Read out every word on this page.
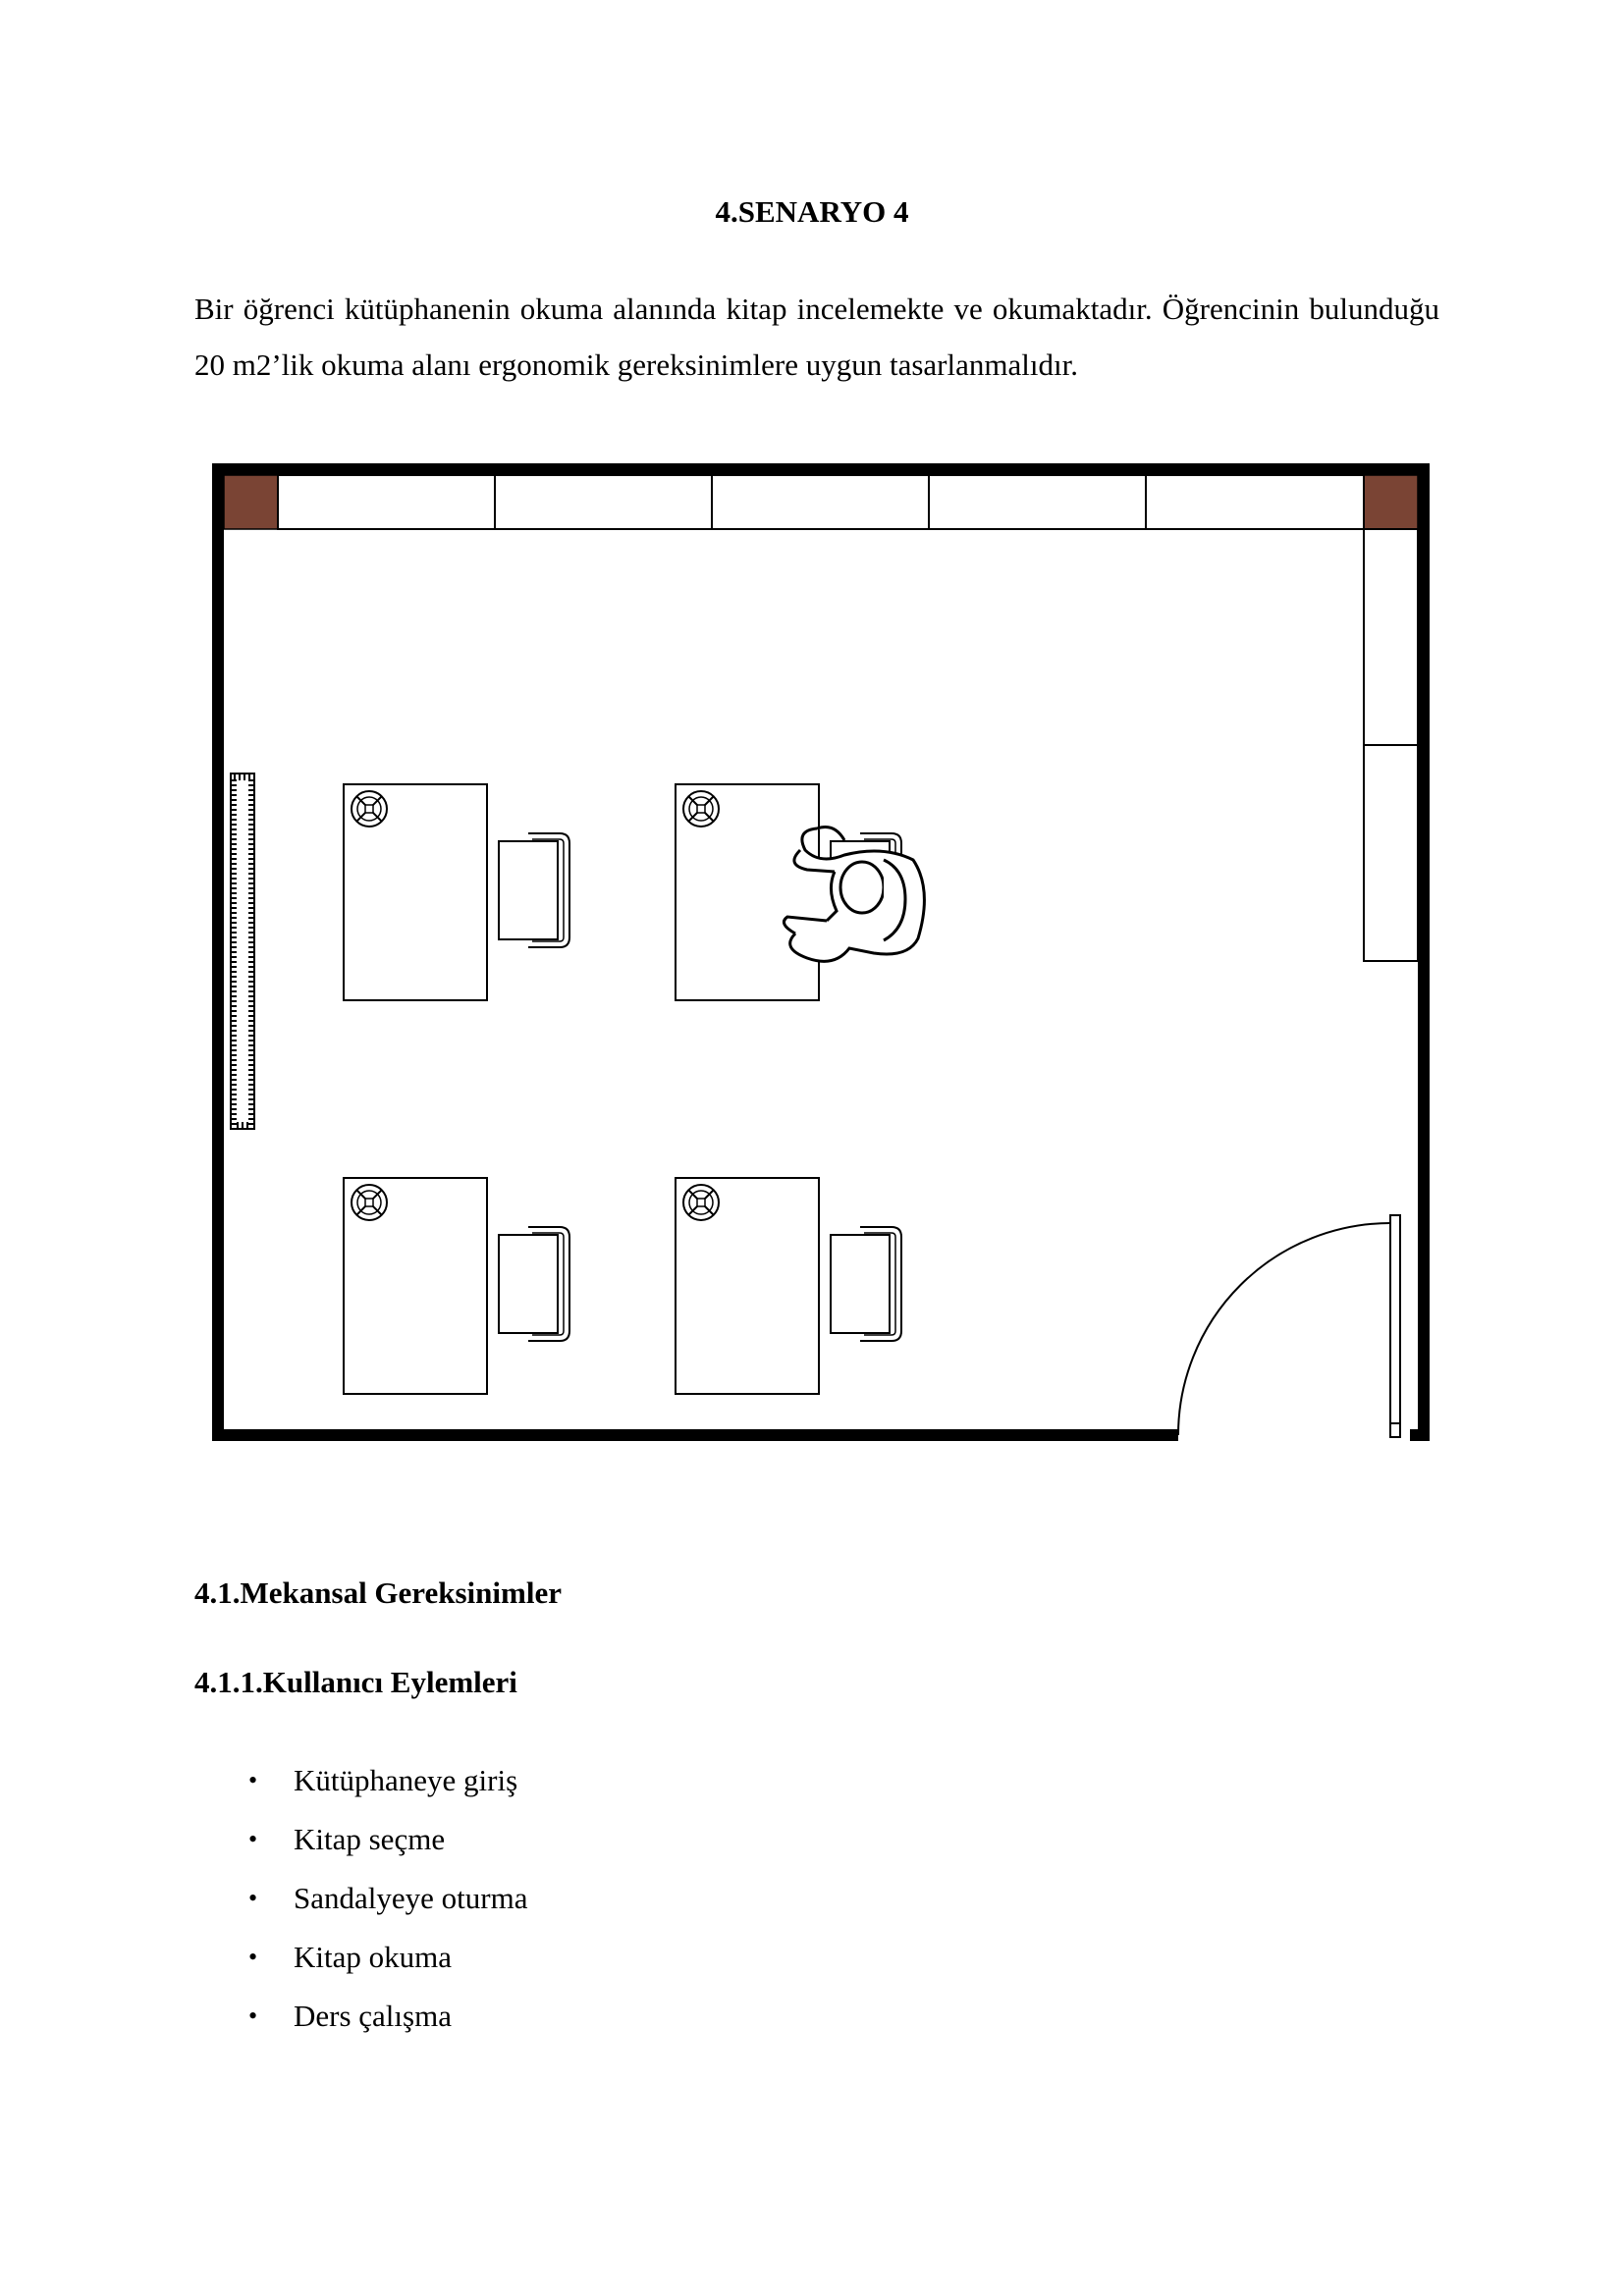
4.SENARYO 4
Bir öğrenci kütüphanenin okuma alanında kitap incelemekte ve okumaktadır. Öğrencinin bulunduğu 20 m2’lik okuma alanı ergonomik gereksinimlere uygun tasarlanmalıdır.
4.1.Mekansal Gereksinimler
4.1.1.Kullanıcı Eylemleri
• Kütüphaneye giriş
• Kitap seçme
• Sandalyeye oturma
• Kitap okuma
• Ders çalışma
